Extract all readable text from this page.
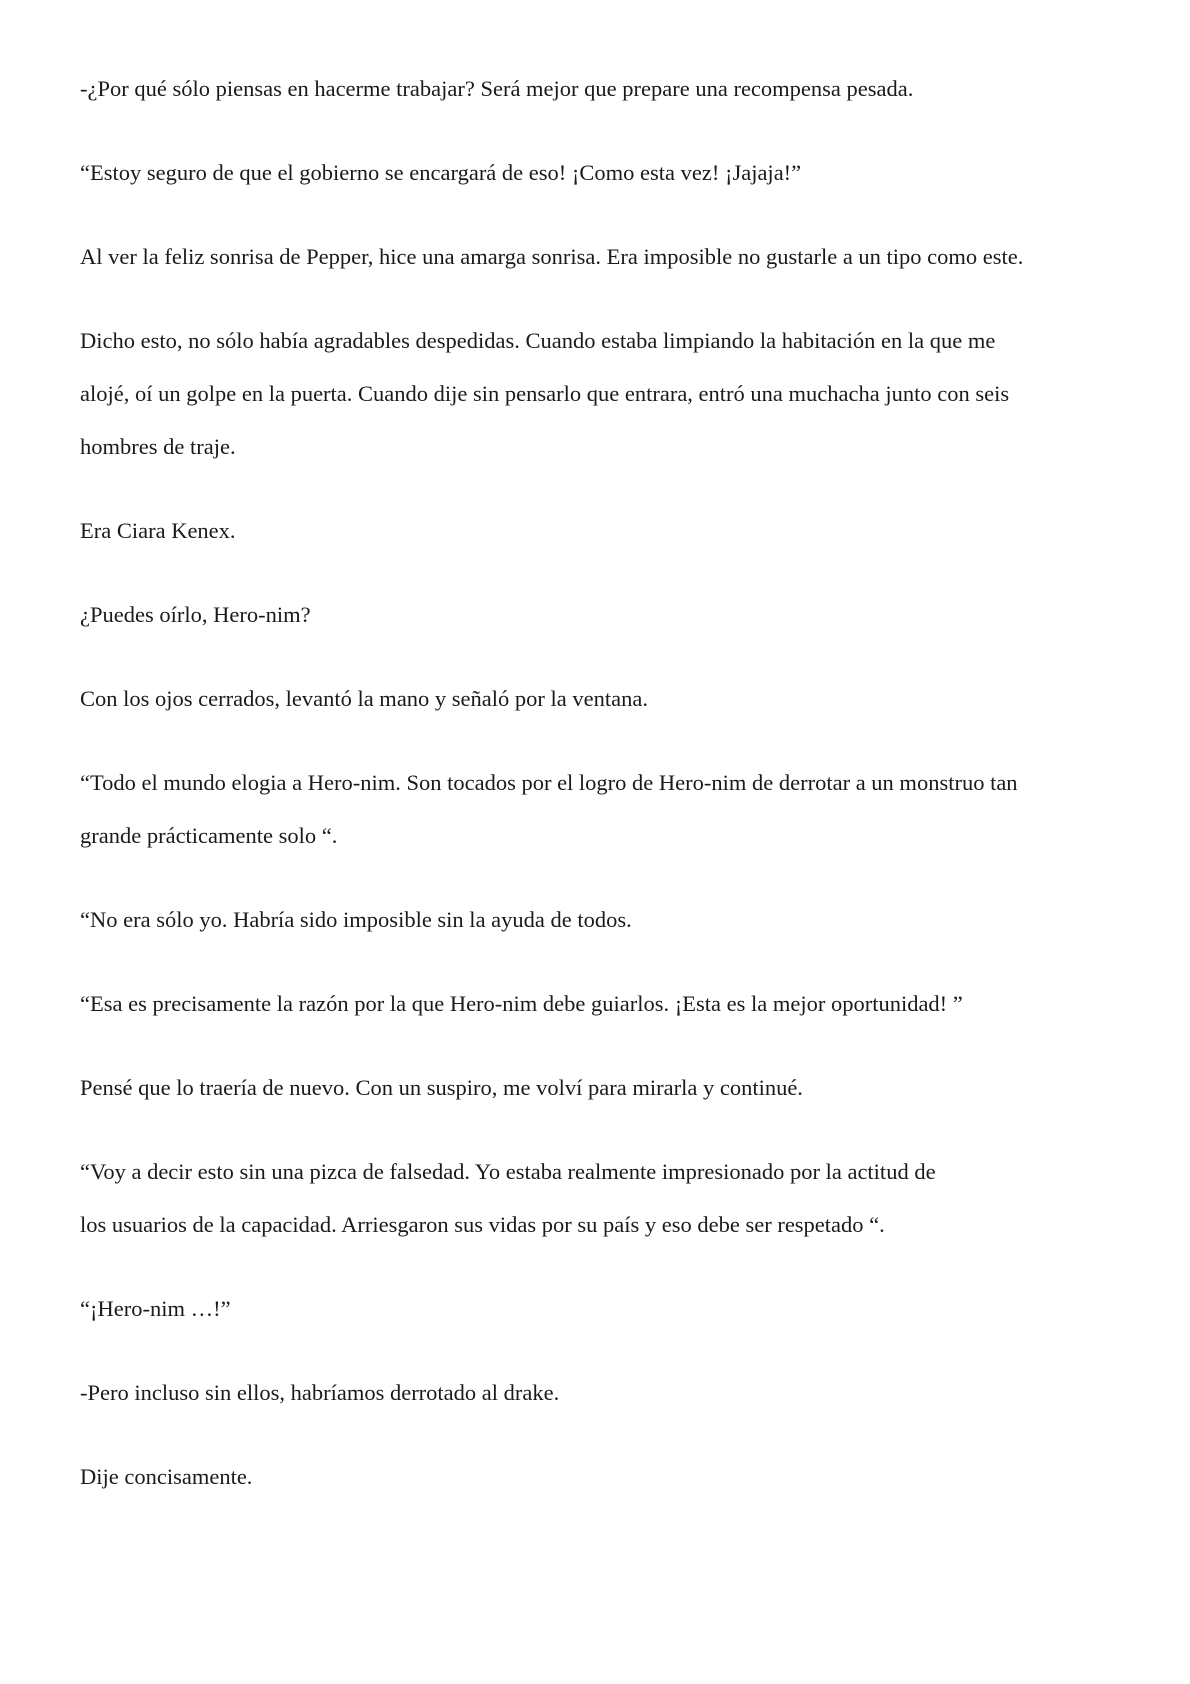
-¿Por qué sólo piensas en hacerme trabajar? Será mejor que prepare una recompensa pesada.

“Estoy seguro de que el gobierno se encargará de eso! ¡Como esta vez! ¡Jajaja!”

Al ver la feliz sonrisa de Pepper, hice una amarga sonrisa. Era imposible no gustarle a un tipo como este.

Dicho esto, no sólo había agradables despedidas. Cuando estaba limpiando la habitación en la que me
alojé, oí un golpe en la puerta. Cuando dije sin pensarlo que entrara, entró una muchacha junto con seis
hombres de traje.

Era Ciara Kenex.

¿Puedes oírlo, Hero-nim?

Con los ojos cerrados, levantó la mano y señaló por la ventana.

“Todo el mundo elogia a Hero-nim. Son tocados por el logro de Hero-nim de derrotar a un monstruo tan
grande prácticamente solo “.

“No era sólo yo. Habría sido imposible sin la ayuda de todos.

“Esa es precisamente la razón por la que Hero-nim debe guiarlos. ¡Esta es la mejor oportunidad! ”

Pensé que lo traería de nuevo. Con un suspiro, me volví para mirarla y continué.

“Voy a decir esto sin una pizca de falsedad. Yo estaba realmente impresionado por la actitud de
los usuarios de la capacidad. Arriesgaron sus vidas por su país y eso debe ser respetado “.

“¡Hero-nim …!”

-Pero incluso sin ellos, habríamos derrotado al drake.

Dije concisamente.
